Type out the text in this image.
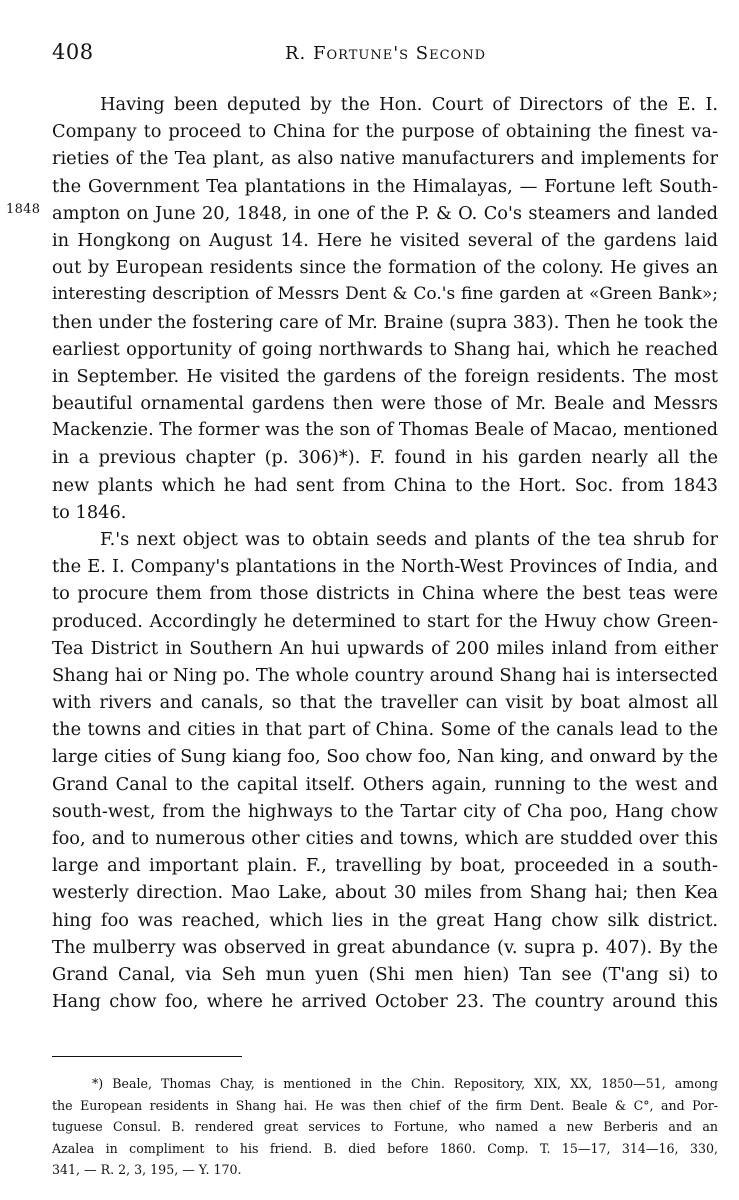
408	R. Fortune's Second
1848
Having been deputed by the Hon. Court of Directors of the E. I.
Company to proceed to China for the purpose of obtaining the finest va-
rieties of the Tea plant, as also native manufacturers and implements for
the Government Tea plantations in the Himalayas, — Fortune left South-
ampton on June 20, 1848, in one of the P. & O. Co's steamers and landed
in Hongkong on August 14. Here he visited several of the gardens laid
out by European residents since the formation of the colony. He gives an
interesting description of Messrs Dent & Co.'s fine garden at «Green Bank»;
then under the fostering care of Mr. Braine (supra 383). Then he took the
earliest opportunity of going northwards to Shang hai, which he reached
in September. He visited the gardens of the foreign residents. The most
beautiful ornamental gardens then were those of Mr. Beale and Messrs
Mackenzie. The former was the son of Thomas Beale of Macao, mentioned
in a previous chapter (p. 306)*). F. found in his garden nearly all the
new plants which he had sent from China to the Hort. Soc. from 1843
to 1846.
F.'s next object was to obtain seeds and plants of the tea shrub for
the E. I. Company's plantations in the North-West Provinces of India, and
to procure them from those districts in China where the best teas were
produced. Accordingly he determined to start for the Hwuy chow Green-
Tea District in Southern An hui upwards of 200 miles inland from either
Shang hai or Ning po. The whole country around Shang hai is intersected
with rivers and canals, so that the traveller can visit by boat almost all
the towns and cities in that part of China. Some of the canals lead to the
large cities of Sung kiang foo, Soo chow foo, Nan king, and onward by the
Grand Canal to the capital itself. Others again, running to the west and
south-west, from the highways to the Tartar city of Cha poo, Hang chow
foo, and to numerous other cities and towns, which are studded over this
large and important plain. F., travelling by boat, proceeded in a south-
westerly direction. Mao Lake, about 30 miles from Shang hai; then Kea
hing foo was reached, which lies in the great Hang chow silk district.
The mulberry was observed in great abundance (v. supra p. 407). By the
Grand Canal, via Seh mun yuen (Shi men hien) Tan see (T'ang si) to
Hang chow foo, where he arrived October 23. The country around this
*) Beale, Thomas Chay, is mentioned in the Chin. Repository, XIX, XX, 1850—51, among
the European residents in Shang hai. He was then chief of the firm Dent. Beale & C°, and Por-
tuguese Consul. B. rendered great services to Fortune, who named a new Berberis and an
Azalea in compliment to his friend. B. died before 1860. Comp. T. 15—17, 314—16, 330,
341, — R. 2, 3, 195, — Y. 170.
